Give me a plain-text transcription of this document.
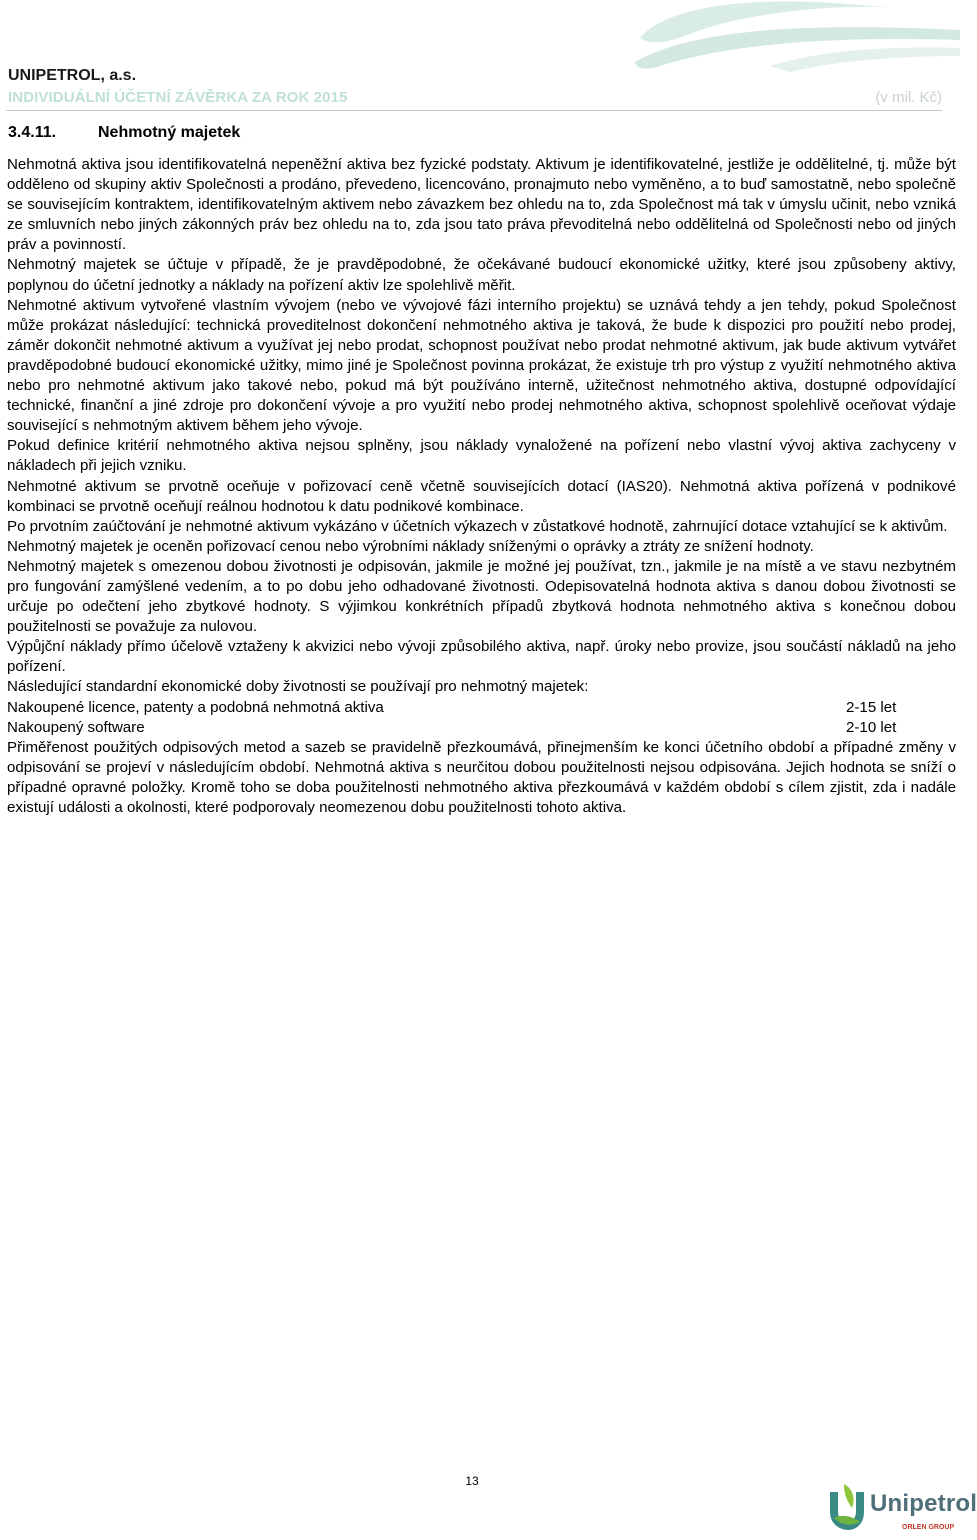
UNIPETROL, a.s.
INDIVIDUÁLNÍ ÚČETNÍ ZÁVĚRKA ZA ROK 2015	(v mil. Kč)
3.4.11.	Nehmotný majetek

Nehmotná aktiva jsou identifikovatelná nepeněžní aktiva bez fyzické podstaty. Aktivum je identifikovatelné, jestliže je oddělitelné, tj. může být odděleno od skupiny aktiv Společnosti a prodáno, převedeno, licencováno, pronajmuto nebo vyměněno, a to buď samostatně, nebo společně se souvisejícím kontraktem, identifikovatelným aktivem nebo závazkem bez ohledu na to, zda Společnost má tak v úmyslu učinit, nebo vzniká ze smluvních nebo jiných zákonných práv bez ohledu na to, zda jsou tato práva převoditelná nebo oddělitelná od Společnosti nebo od jiných práv a povinností.

Nehmotný majetek se účtuje v případě, že je pravděpodobné, že očekávané budoucí ekonomické užitky, které jsou způsobeny aktivy, poplynou do účetní jednotky a náklady na pořízení aktiv lze spolehlivě měřit.

Nehmotné aktivum vytvořené vlastním vývojem (nebo ve vývojové fázi interního projektu) se uznává tehdy a jen tehdy, pokud Společnost může prokázat následující: technická proveditelnost dokončení nehmotného aktiva je taková, že bude k dispozici pro použití nebo prodej, záměr dokončit nehmotné aktivum a využívat jej nebo prodat, schopnost používat nebo prodat nehmotné aktivum, jak bude aktivum vytvářet pravděpodobné budoucí ekonomické užitky, mimo jiné je Společnost povinna prokázat, že existuje trh pro výstup z využití nehmotného aktiva nebo pro nehmotné aktivum jako takové nebo, pokud má být používáno interně, užitečnost nehmotného aktiva, dostupné odpovídající technické, finanční a jiné zdroje pro dokončení vývoje a pro využití nebo prodej nehmotného aktiva, schopnost spolehlivě oceňovat výdaje související s nehmotným aktivem během jeho vývoje.

Pokud definice kritérií nehmotného aktiva nejsou splněny, jsou náklady vynaložené na pořízení nebo vlastní vývoj aktiva zachyceny v nákladech při jejich vzniku.

Nehmotné aktivum se prvotně oceňuje v pořizovací ceně včetně souvisejících dotací (IAS20). Nehmotná aktiva pořízená v podnikové kombinaci se prvotně oceňují reálnou hodnotou k datu podnikové kombinace.

Po prvotním zaúčtování je nehmotné aktivum vykázáno v účetních výkazech v zůstatkové hodnotě, zahrnující dotace vztahující se k aktivům.

Nehmotný majetek je oceněn pořizovací cenou nebo výrobními náklady sníženými o oprávky a ztráty ze snížení hodnoty.

Nehmotný majetek s omezenou dobou životnosti je odpisován, jakmile je možné jej používat, tzn., jakmile je na místě a ve stavu nezbytném pro fungování zamýšlené vedením, a to po dobu jeho odhadované životnosti. Odepisovatelná hodnota aktiva s danou dobou životnosti se určuje po odečtení jeho zbytkové hodnoty. S výjimkou konkrétních případů zbytková hodnota nehmotného aktiva s konečnou dobou použitelnosti se považuje za nulovou.

Výpůjční náklady přímo účelově vztaženy k akvizici nebo vývoji způsobilého aktiva, např. úroky nebo provize, jsou součástí nákladů na jeho pořízení.

Následující standardní ekonomické doby životnosti se používají pro nehmotný majetek:

Nakoupené licence, patenty a podobná nehmotná aktiva	2-15 let
Nakoupený software	2-10 let

Přiměřenost použitých odpisových metod a sazeb se pravidelně přezkoumává, přinejmenším ke konci účetního období a případné změny v odpisování se projeví v následujícím období. Nehmotná aktiva s neurčitou dobou použitelnosti nejsou odpisována. Jejich hodnota se sníží o případné opravné položky. Kromě toho se doba použitelnosti nehmotného aktiva přezkoumává v každém období s cílem zjistit, zda i nadále existují události a okolnosti, které podporovaly neomezenou dobu použitelnosti tohoto aktiva.

13
Unipetrol
ORLEN GROUP
